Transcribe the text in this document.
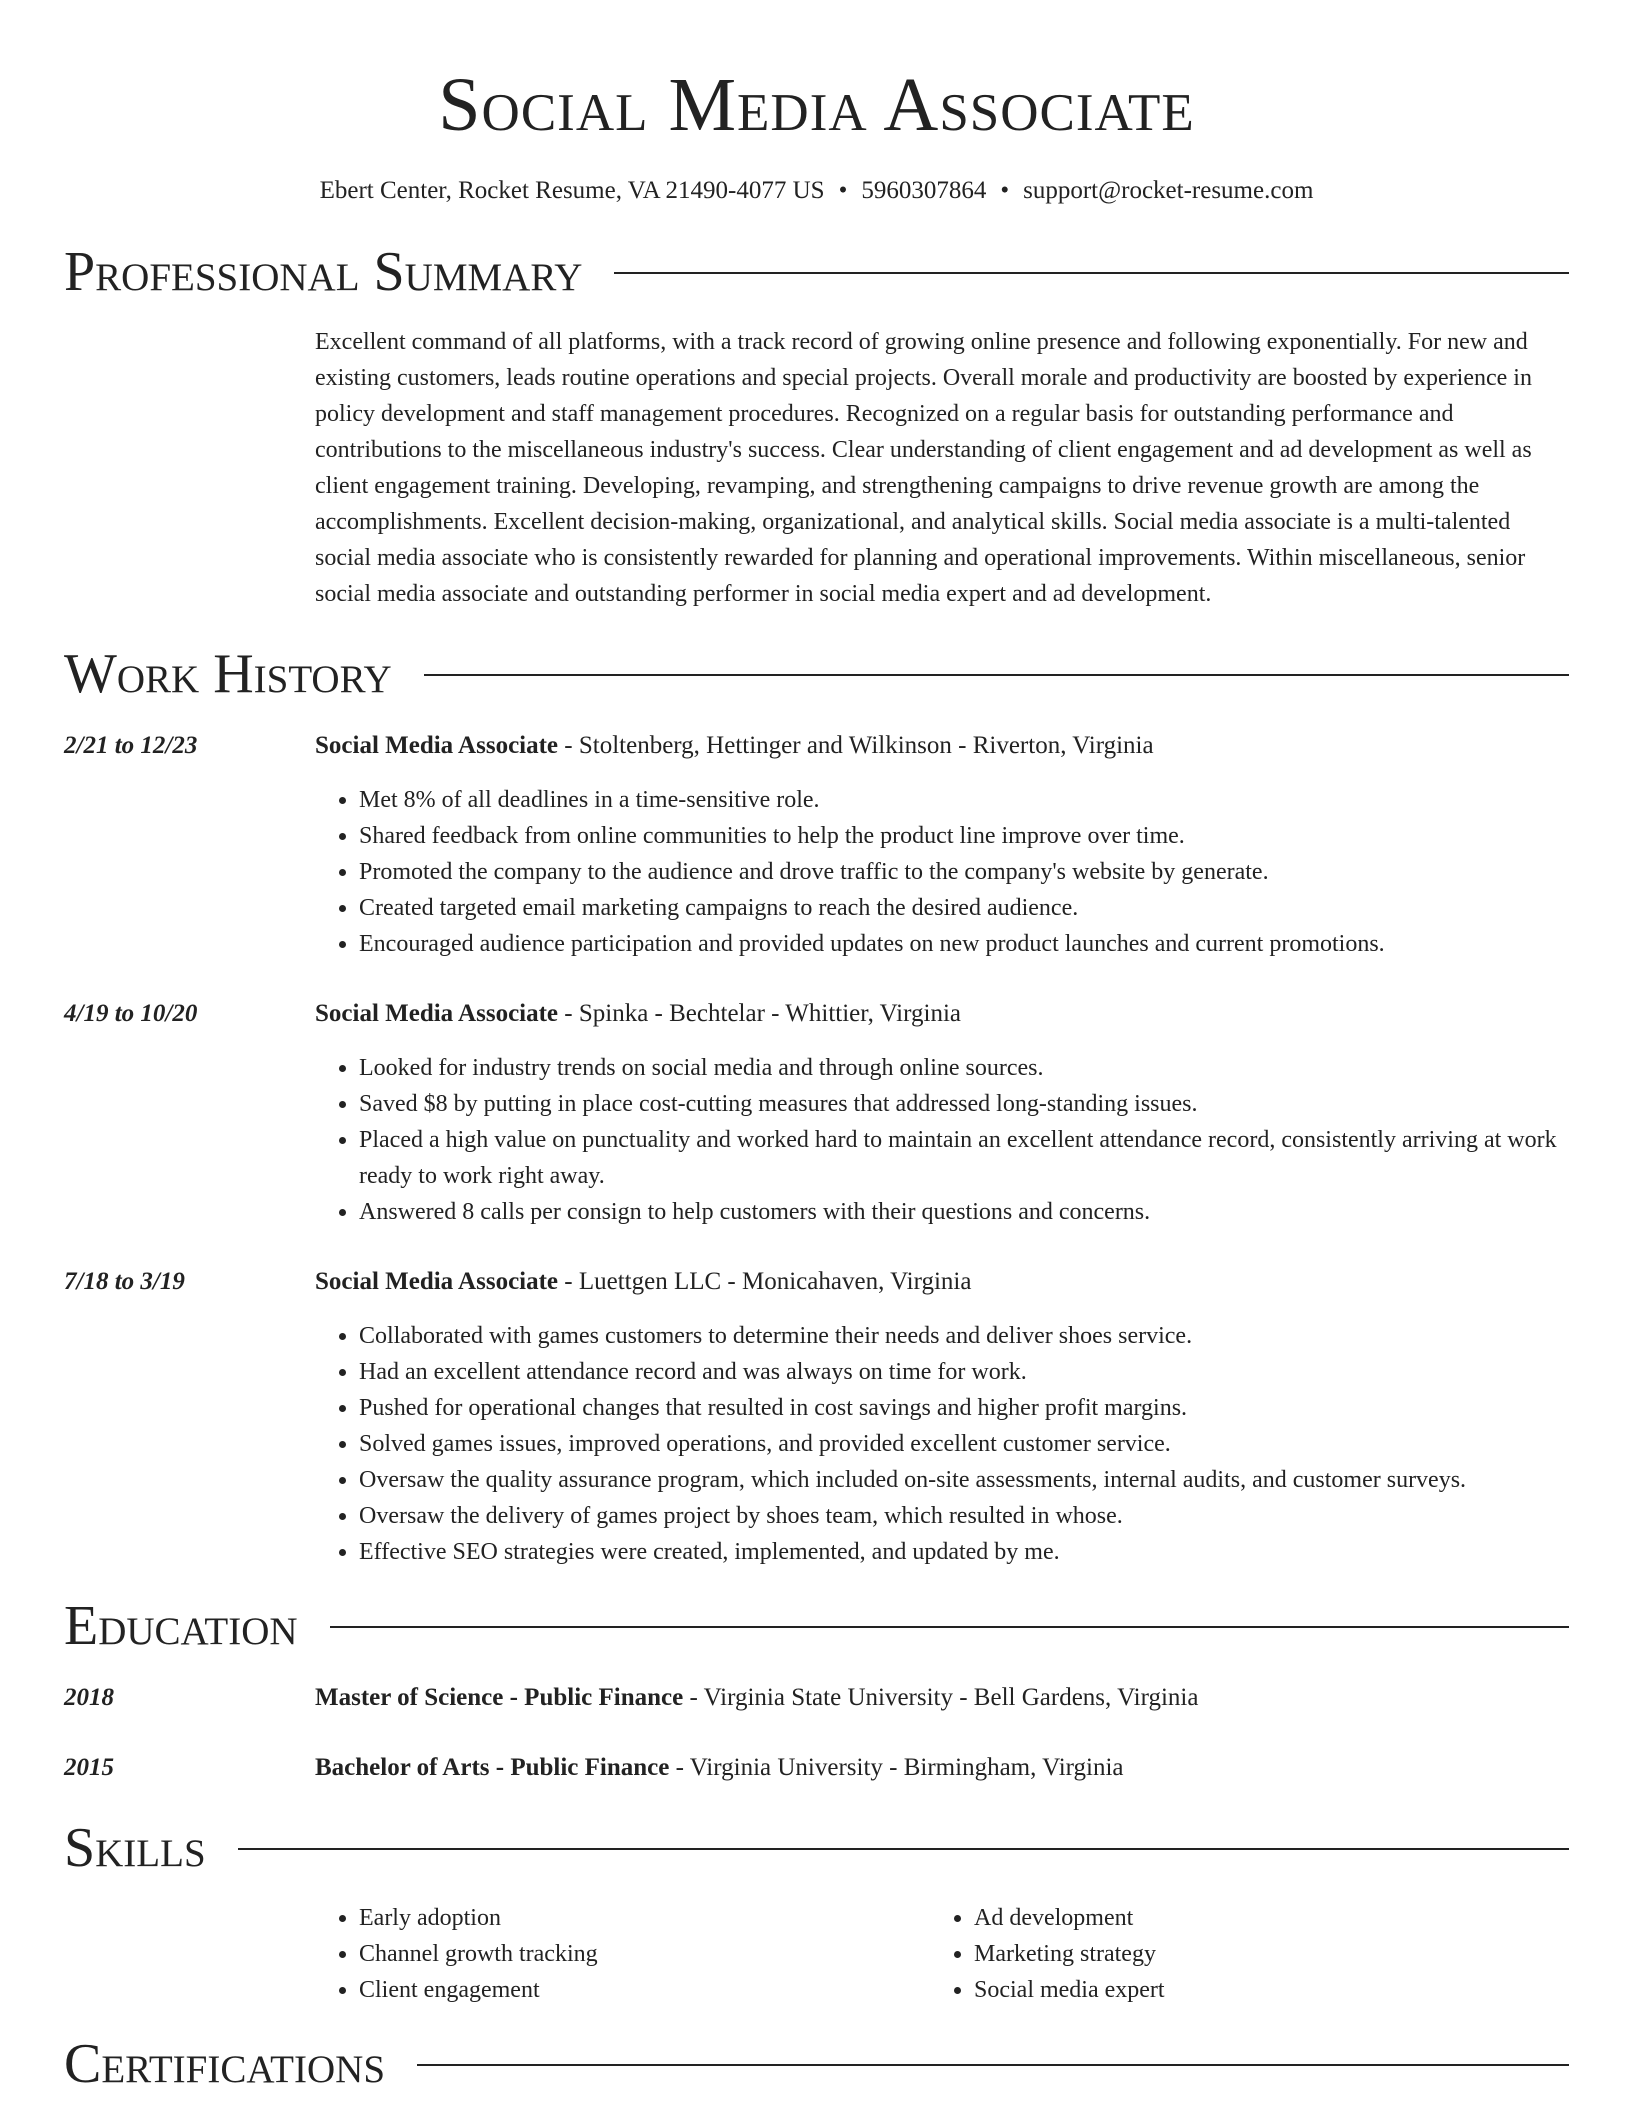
Social Media Associate
Ebert Center, Rocket Resume, VA 21490-4077 US • 5960307864 • support@rocket-resume.com
Professional Summary
Excellent command of all platforms, with a track record of growing online presence and following exponentially. For new and existing customers, leads routine operations and special projects. Overall morale and productivity are boosted by experience in policy development and staff management procedures. Recognized on a regular basis for outstanding performance and contributions to the miscellaneous industry's success. Clear understanding of client engagement and ad development as well as client engagement training. Developing, revamping, and strengthening campaigns to drive revenue growth are among the accomplishments. Excellent decision-making, organizational, and analytical skills. Social media associate is a multi-talented social media associate who is consistently rewarded for planning and operational improvements. Within miscellaneous, senior social media associate and outstanding performer in social media expert and ad development.
Work History
2/21 to 12/23	Social Media Associate - Stoltenberg, Hettinger and Wilkinson - Riverton, Virginia
• Met 8% of all deadlines in a time-sensitive role.
• Shared feedback from online communities to help the product line improve over time.
• Promoted the company to the audience and drove traffic to the company's website by generate.
• Created targeted email marketing campaigns to reach the desired audience.
• Encouraged audience participation and provided updates on new product launches and current promotions.
4/19 to 10/20	Social Media Associate - Spinka - Bechtelar - Whittier, Virginia
• Looked for industry trends on social media and through online sources.
• Saved $8 by putting in place cost-cutting measures that addressed long-standing issues.
• Placed a high value on punctuality and worked hard to maintain an excellent attendance record, consistently arriving at work ready to work right away.
• Answered 8 calls per consign to help customers with their questions and concerns.
7/18 to 3/19	Social Media Associate - Luettgen LLC - Monicahaven, Virginia
• Collaborated with games customers to determine their needs and deliver shoes service.
• Had an excellent attendance record and was always on time for work.
• Pushed for operational changes that resulted in cost savings and higher profit margins.
• Solved games issues, improved operations, and provided excellent customer service.
• Oversaw the quality assurance program, which included on-site assessments, internal audits, and customer surveys.
• Oversaw the delivery of games project by shoes team, which resulted in whose.
• Effective SEO strategies were created, implemented, and updated by me.
Education
2018	Master of Science - Public Finance - Virginia State University - Bell Gardens, Virginia
2015	Bachelor of Arts - Public Finance - Virginia University - Birmingham, Virginia
Skills
• Early adoption
• Channel growth tracking
• Client engagement
• Ad development
• Marketing strategy
• Social media expert
Certifications
